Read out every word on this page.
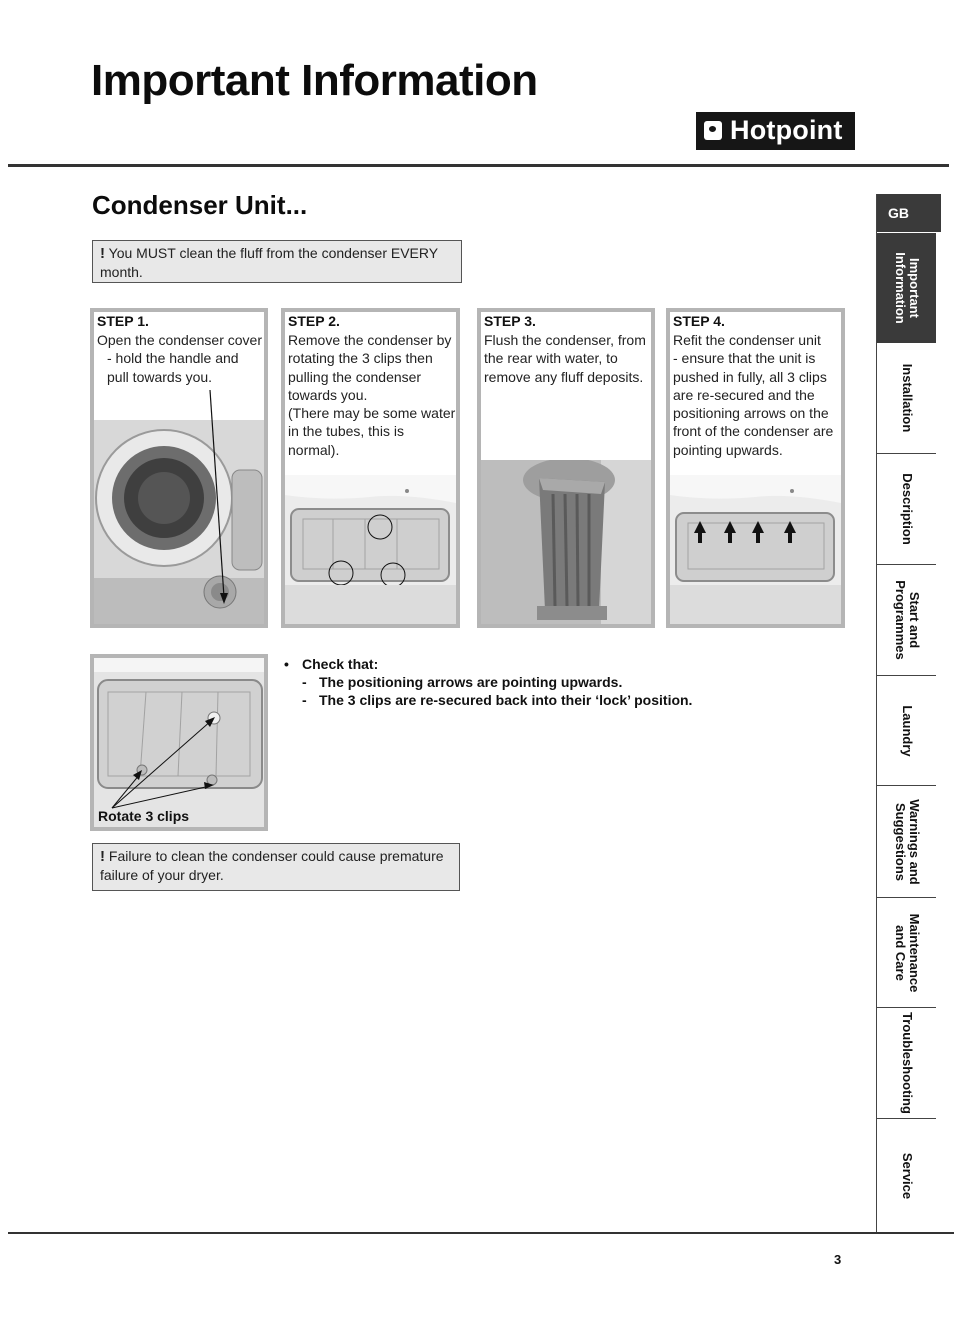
Important Information
Hotpoint
Condenser Unit...
! You MUST clean the fluff from the condenser EVERY month.
STEP 1.
Open the condenser cover
- hold the handle and
pull towards you.
STEP 2.
Remove the condenser by
rotating the 3 clips then
pulling the condenser
towards you.
(There may be some water
in the tubes, this is normal).
STEP 3.
Flush the condenser, from
the rear with water, to
remove any fluff deposits.
STEP 4.
Refit the condenser unit
- ensure that the unit is
pushed in fully, all 3 clips
are re-secured and the
positioning arrows on the
front of the condenser are
pointing upwards.
Rotate 3 clips
• Check that:
- The positioning arrows are pointing upwards.
- The 3 clips are re-secured back into their ‘lock’ position.
! Failure to clean the condenser could cause premature failure of your dryer.
GB
Important Information
Installation
Description
Start and Programmes
Laundry
Warnings and Suggestions
Maintenance and Care
Troubleshooting
Service
3
